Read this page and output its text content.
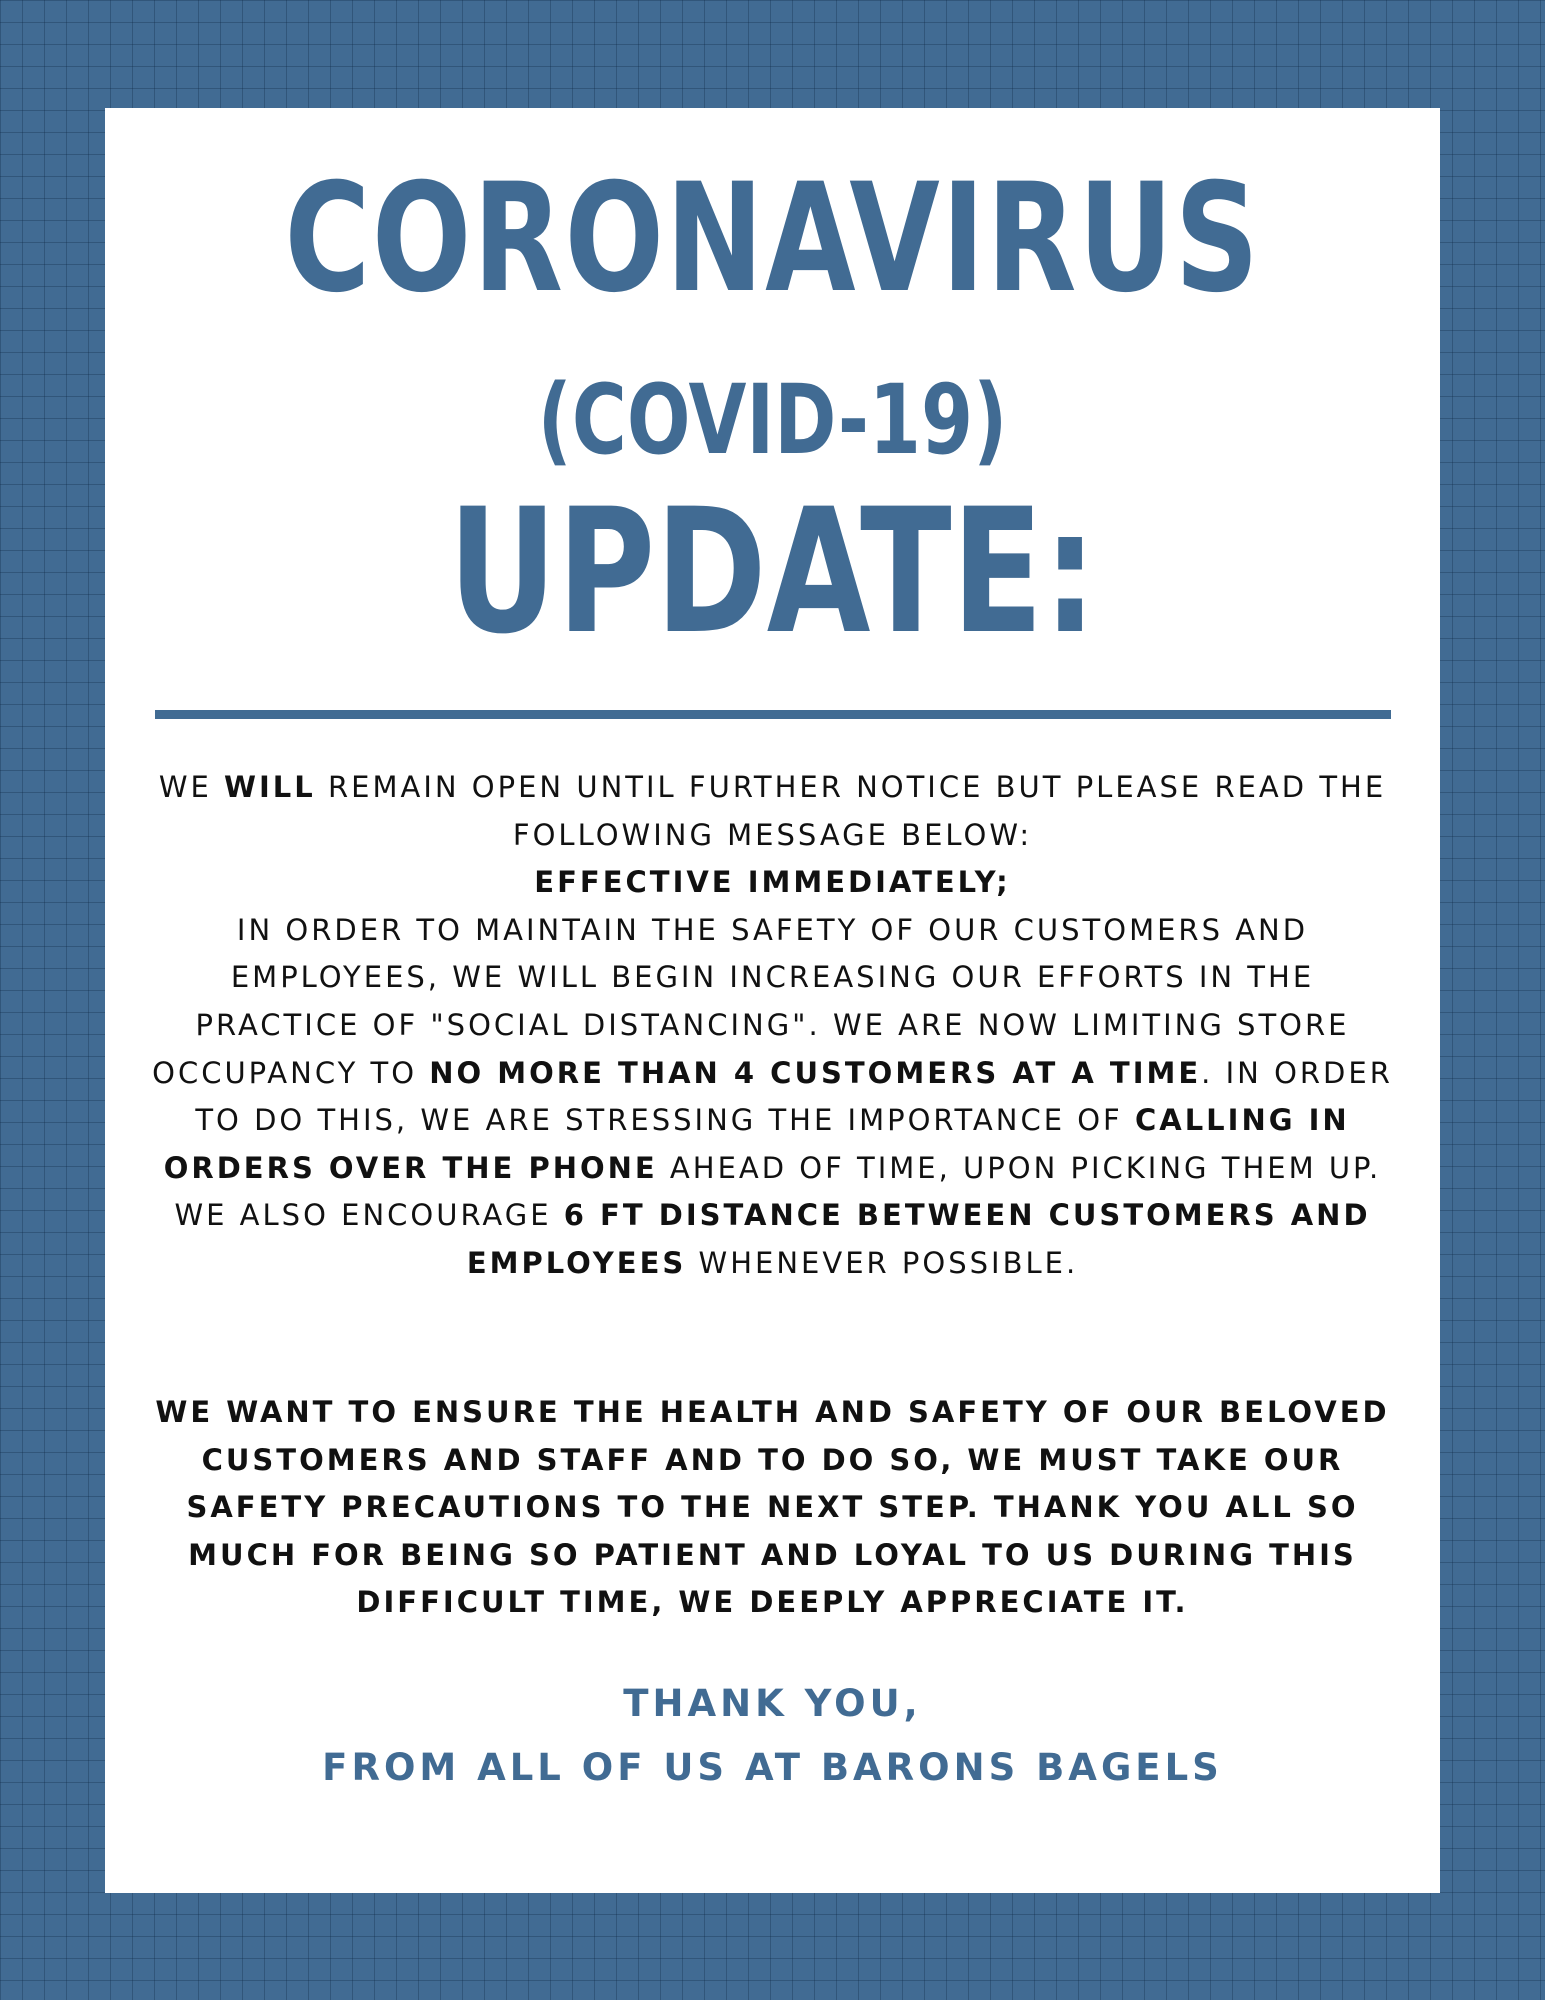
CORONAVIRUS
(COVID-19)
UPDATE:
WE WILL REMAIN OPEN UNTIL FURTHER NOTICE BUT PLEASE READ THE FOLLOWING MESSAGE BELOW:
EFFECTIVE IMMEDIATELY;
IN ORDER TO MAINTAIN THE SAFETY OF OUR CUSTOMERS AND EMPLOYEES, WE WILL BEGIN INCREASING OUR EFFORTS IN THE PRACTICE OF "SOCIAL DISTANCING". WE ARE NOW LIMITING STORE OCCUPANCY TO NO MORE THAN 4 CUSTOMERS AT A TIME. IN ORDER TO DO THIS, WE ARE STRESSING THE IMPORTANCE OF CALLING IN ORDERS OVER THE PHONE AHEAD OF TIME, UPON PICKING THEM UP. WE ALSO ENCOURAGE 6 FT DISTANCE BETWEEN CUSTOMERS AND EMPLOYEES WHENEVER POSSIBLE.
WE WANT TO ENSURE THE HEALTH AND SAFETY OF OUR BELOVED CUSTOMERS AND STAFF AND TO DO SO, WE MUST TAKE OUR SAFETY PRECAUTIONS TO THE NEXT STEP. THANK YOU ALL SO MUCH FOR BEING SO PATIENT AND LOYAL TO US DURING THIS DIFFICULT TIME, WE DEEPLY APPRECIATE IT.
THANK YOU,
FROM ALL OF US AT BARONS BAGELS
